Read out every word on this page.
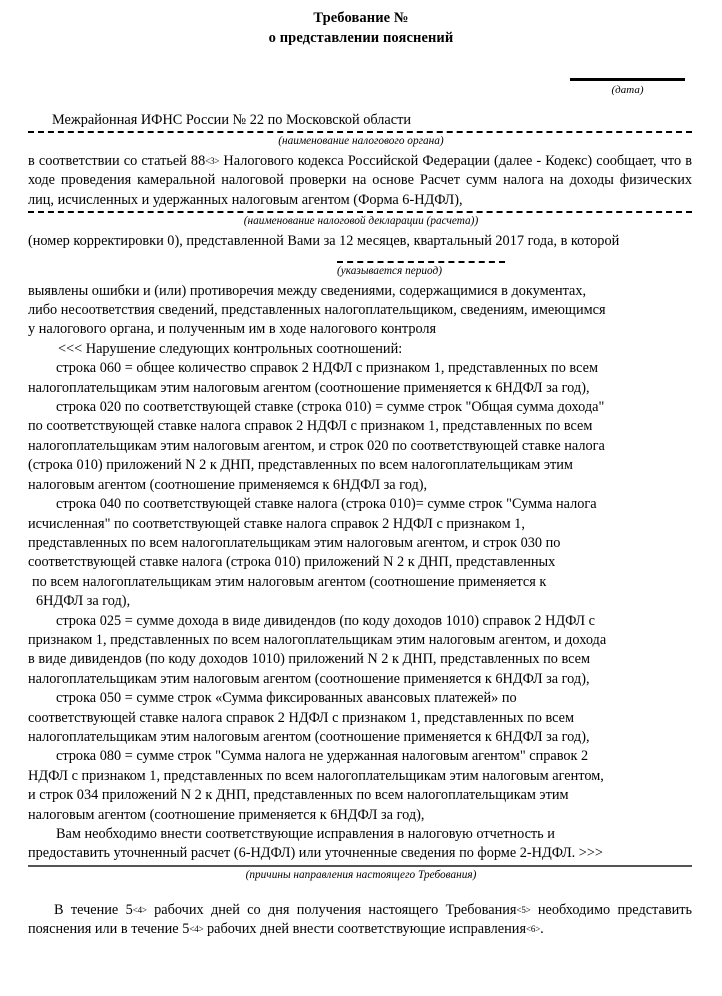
Требование №
о представлении пояснений
(дата)
Межрайонная ИФНС России № 22 по Московской области
(наименование налогового органа)

в соответствии со статьей 88<3> Налогового кодекса Российской Федерации (далее - Кодекс) сообщает, что в ходе проведения камеральной налоговой проверки на основе Расчет сумм налога на доходы физических лиц, исчисленных и удержанных налоговым агентом (Форма 6-НДФЛ),

(наименование налоговой декларации (расчета))

(номер корректировки 0), представленной Вами за 12 месяцев, квартальный 2017 года, в которой

(указывается период)

выявлены ошибки и (или) противоречия между сведениями, содержащимися в документах,

либо несоответствия сведений, представленных налогоплательщиком, сведениям, имеющимся

у налогового органа, и полученным им в ходе налогового контроля

<<< Нарушение следующих контрольных соотношений:

строка 060 = общее количество справок 2 НДФЛ с признаком 1, представленных по всем

налогоплательщикам этим налоговым агентом (соотношение применяется к 6НДФЛ за год),

строка 020 по соответствующей ставке (строка 010) = сумме строк "Общая сумма дохода"

по соответствующей ставке налога справок 2 НДФЛ с признаком 1, представленных по всем

налогоплательщикам этим налоговым агентом, и строк 020 по соответствующей ставке налога

(строка 010) приложений N 2 к ДНП, представленных по всем налогоплательщикам этим

налоговым агентом (соотношение применяемся к 6НДФЛ за год),

строка 040 по соответствующей ставке налога (строка 010)= сумме строк "Сумма налога

исчисленная" по соответствующей ставке налога справок 2 НДФЛ с признаком 1,

представленных по всем налогоплательщикам этим налоговым агентом, и строк 030 по

соответствующей ставке налога (строка 010) приложений N 2 к ДНП, представленных

по всем налогоплательщикам этим налоговым агентом (соотношение применяется к

6НДФЛ за год),

строка 025 = сумме дохода в виде дивидендов (по коду доходов 1010) справок 2 НДФЛ с

признаком 1, представленных по всем налогоплательщикам этим налоговым агентом, и дохода

в виде дивидендов (по коду доходов 1010) приложений N 2 к ДНП, представленных по всем

налогоплательщикам этим налоговым агентом (соотношение применяется к 6НДФЛ за год),

строка 050 = сумме строк «Сумма фиксированных авансовых платежей» по

соответствующей ставке налога справок 2 НДФЛ с признаком 1, представленных по всем

налогоплательщикам этим налоговым агентом (соотношение применяется к 6НДФЛ за год),

строка 080 = сумме строк "Сумма налога не удержанная налоговым агентом" справок 2

НДФЛ с признаком 1, представленных по всем налогоплательщикам этим налоговым агентом,

и строк 034 приложений N 2 к ДНП, представленных по всем налогоплательщикам этим

налоговым агентом (соотношение применяется к 6НДФЛ за год),

Вам необходимо внести соответствующие исправления в налоговую отчетность и

предоставить уточненный расчет (6-НДФЛ) или уточненные сведения по форме 2-НДФЛ. >>>

(причины направления настоящего Требования)

В течение 5<4> рабочих дней со дня получения настоящего Требования<5> необходимо представить пояснения или в течение 5<4> рабочих дней внести соответствующие исправления<6>.
